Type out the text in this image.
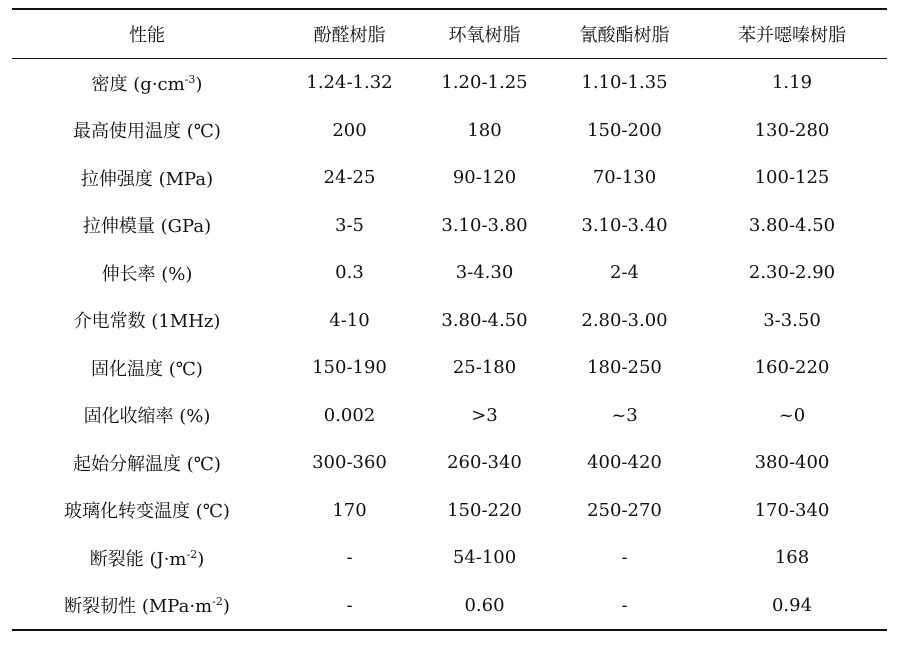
性能	酚醛树脂	环氧树脂	氰酸酯树脂	苯并噁嗪树脂
密度 $(g\cdot cm^{-3})$	1.24-1.32	1.20-1.25	1.10-1.35	1.19
最高使用温度 (℃)	200	180	150-200	130-280
拉伸强度 (MPa)	24-25	90-120	70-130	100-125
拉伸模量 (GPa)	3-5	3.10-3.80	3.10-3.40	3.80-4.50
伸长率 (%)	0.3	3-4.30	2-4	2.30-2.90
介电常数 (1MHz)	4-10	3.80-4.50	2.80-3.00	3-3.50
固化温度 (℃)	150-190	25-180	180-250	160-220
固化收缩率 (%)	0.002	>3	~3	~0
起始分解温度 (℃)	300-360	260-340	400-420	380-400
玻璃化转变温度 (℃)	170	150-220	250-270	170-340
断裂能 $(J\cdot m^{-2})$	-	54-100	-	168
断裂韧性 $(MPa\cdot m^{-2})$	-	0.60	-	0.94
